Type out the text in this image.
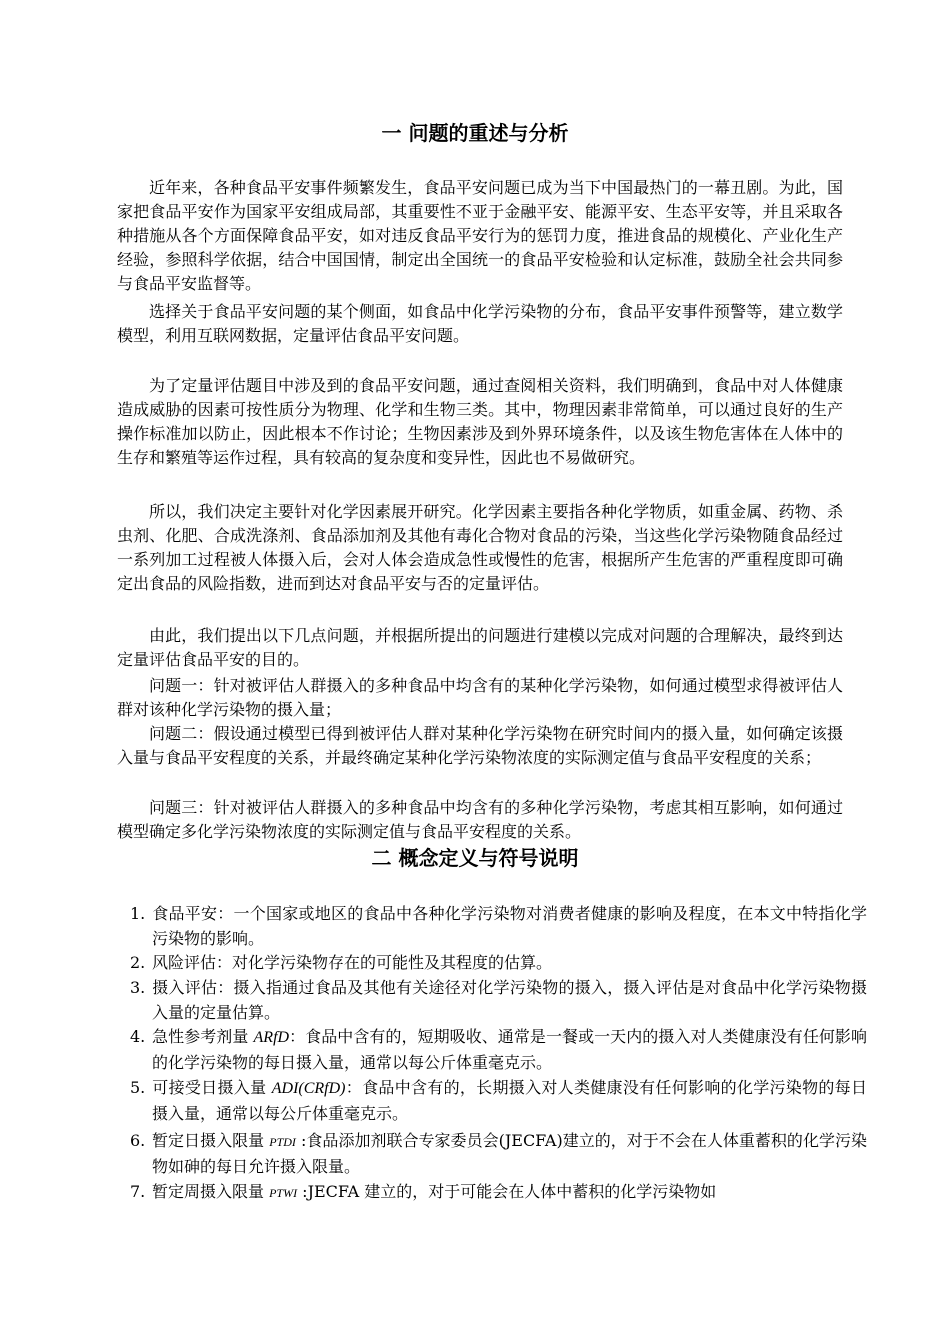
一 问题的重述与分析

近年来，各种食品平安事件频繁发生，食品平安问题已成为当下中国最热门的一幕丑剧。为此，国家把食品平安作为国家平安组成局部，其重要性不亚于金融平安、能源平安、生态平安等，并且采取各种措施从各个方面保障食品平安，如对违反食品平安行为的惩罚力度，推进食品的规模化、产业化生产经验，参照科学依据，结合中国国情，制定出全国统一的食品平安检验和认定标准，鼓励全社会共同参与食品平安监督等。

选择关于食品平安问题的某个侧面，如食品中化学污染物的分布，食品平安事件预警等，建立数学模型，利用互联网数据，定量评估食品平安问题。

为了定量评估题目中涉及到的食品平安问题，通过查阅相关资料，我们明确到，食品中对人体健康造成威胁的因素可按性质分为物理、化学和生物三类。其中，物理因素非常简单，可以通过良好的生产操作标准加以防止，因此根本不作讨论；生物因素涉及到外界环境条件，以及该生物危害体在人体中的生存和繁殖等运作过程，具有较高的复杂度和变异性，因此也不易做研究。

所以，我们决定主要针对化学因素展开研究。化学因素主要指各种化学物质，如重金属、药物、杀虫剂、化肥、合成洗涤剂、食品添加剂及其他有毒化合物对食品的污染，当这些化学污染物随食品经过一系列加工过程被人体摄入后，会对人体会造成急性或慢性的危害，根据所产生危害的严重程度即可确定出食品的风险指数，进而到达对食品平安与否的定量评估。

由此，我们提出以下几点问题，并根据所提出的问题进行建模以完成对问题的合理解决，最终到达定量评估食品平安的目的。

问题一：针对被评估人群摄入的多种食品中均含有的某种化学污染物，如何通过模型求得被评估人群对该种化学污染物的摄入量；

问题二：假设通过模型已得到被评估人群对某种化学污染物在研究时间内的摄入量，如何确定该摄入量与食品平安程度的关系，并最终确定某种化学污染物浓度的实际测定值与食品平安程度的关系；

问题三：针对被评估人群摄入的多种食品中均含有的多种化学污染物，考虑其相互影响，如何通过模型确定多化学污染物浓度的实际测定值与食品平安程度的关系。

二 概念定义与符号说明
1. 食品平安：一个国家或地区的食品中各种化学污染物对消费者健康的影响及程度，在本文中特指化学污染物的影响。
2. 风险评估：对化学污染物存在的可能性及其程度的估算。
3. 摄入评估：摄入指通过食品及其他有关途径对化学污染物的摄入，摄入评估是对食品中化学污染物摄入量的定量估算。
4. 急性参考剂量 ARfD：食品中含有的，短期吸收、通常是一餐或一天内的摄入对人类健康没有任何影响的化学污染物的每日摄入量，通常以每公斤体重毫克示。
5. 可接受日摄入量 ADI(CRfD)：食品中含有的，长期摄入对人类健康没有任何影响的化学污染物的每日摄入量，通常以每公斤体重毫克示。
6. 暂定日摄入限量 PTDI :食品添加剂联合专家委员会(JECFA)建立的，对于不会在人体重蓄积的化学污染物如砷的每日允许摄入限量。
7. 暂定周摄入限量 PTWI :JECFA 建立的，对于可能会在人体中蓄积的化学污染物如
